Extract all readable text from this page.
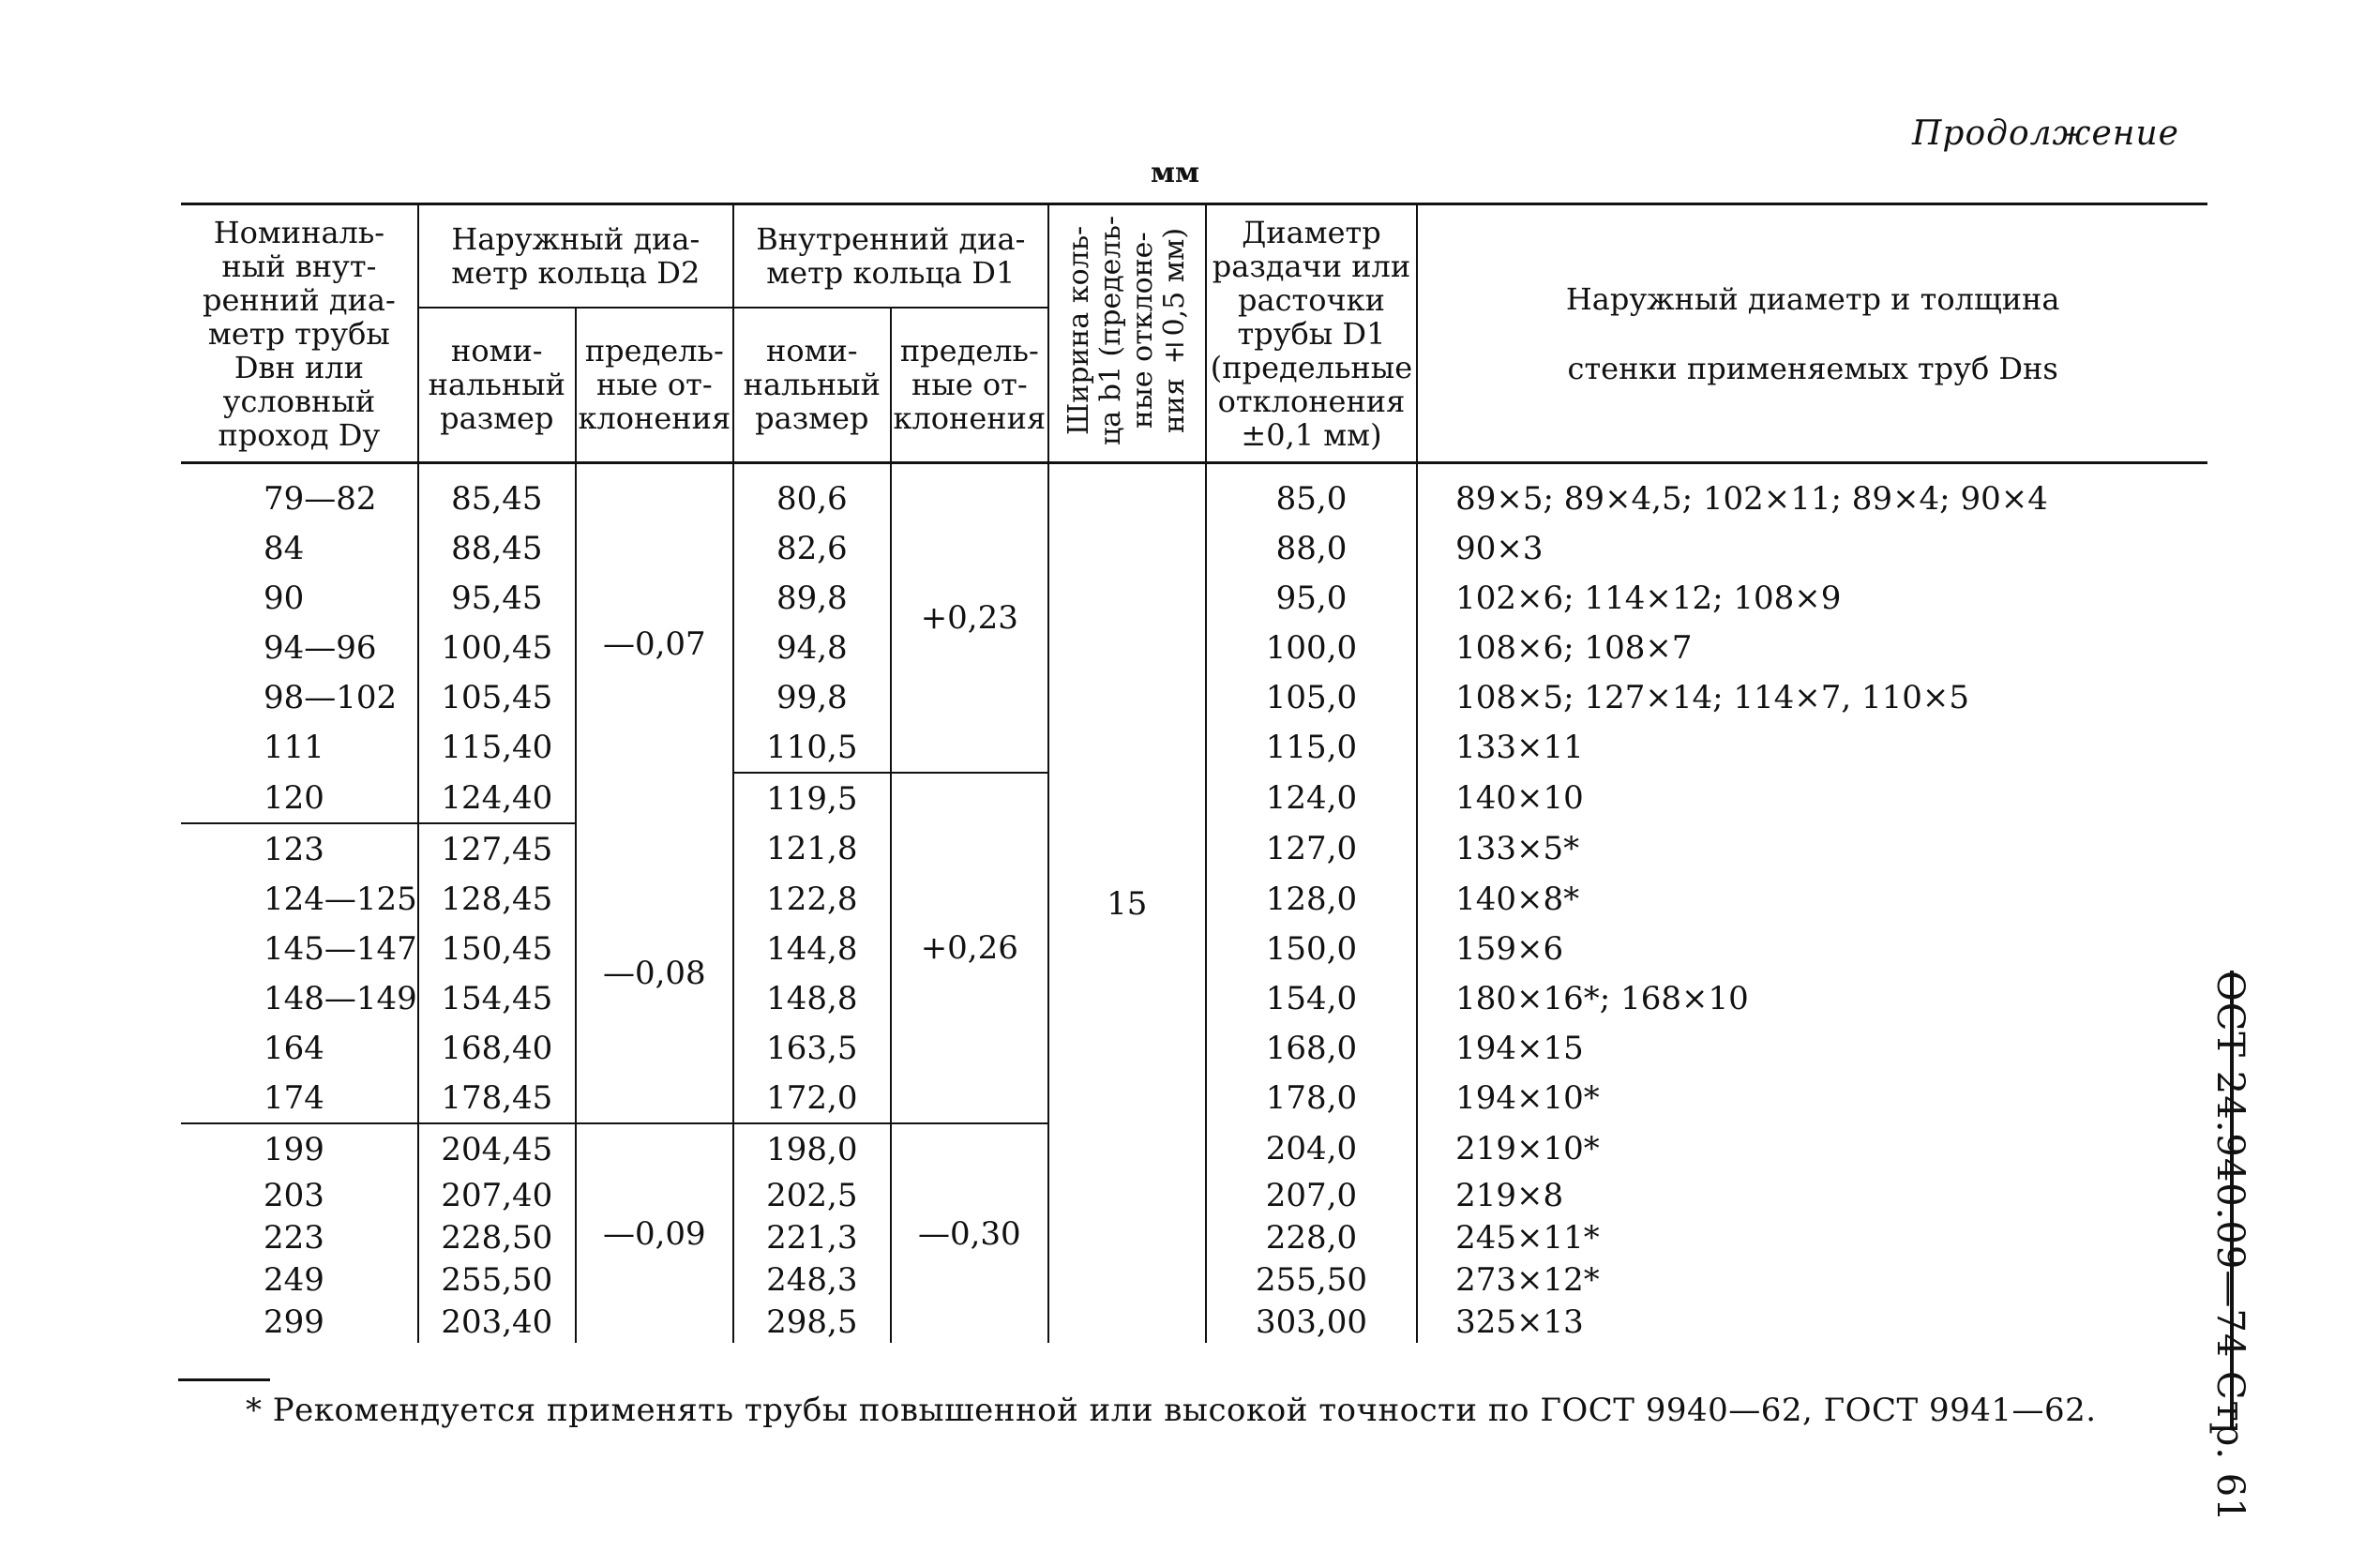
Продолжение
мм
Номиналь-ный внут-ренний диа-метр трубы Dвн или условный проход Dу	Наружный диа-метр кольца D2		Внутренний диа-метр кольца D1		Ширина коль-ца b1 (предель-ные отклоне-ния ±0,5 мм)	Диаметр раздачи или расточки трубы D1 (предельные отклонения ±0,1 мм)	Наружный диаметр и толщина стенки применяемых труб Dнs

	номи-нальный размер	предель-ные от-клонения	номи-нальный размер	предель-ные от-клонения			
79—82	85,45	—0,07	80,6	+0,23	15	85,0	89×5; 89×4,5; 102×11; 89×4; 90×4
84	88,45		82,6			88,0	90×3
90	95,45		89,8			95,0	102×6; 114×12; 108×9
94—96	100,45		94,8			100,0	108×6; 108×7
98—102	105,45		99,8			105,0	108×5; 127×14; 114×7, 110×5
111	115,40		110,5			115,0	133×11
120	124,40		119,5	+0,26		124,0	140×10
123	127,45	—0,08	121,8			127,0	133×5*
124—125	128,45		122,8			128,0	140×8*
145—147	150,45		144,8			150,0	159×6
148—149	154,45		148,8			154,0	180×16*; 168×10
164	168,40		163,5			168,0	194×15
174	178,45		172,0			178,0	194×10*
199	204,45	—0,09	198,0	—0,30		204,0	219×10*
203	207,40		202,5			207,0	219×8
223	228,50		221,3			228,0	245×11*
249	255,50		248,3			255,50	273×12*
299	203,40		298,5			303,00	325×13
* Рекомендуется применять трубы повышенной или высокой точности по ГОСТ 9940—62, ГОСТ 9941—62.	ОСТ 24.940.09—74 Стр. 61
